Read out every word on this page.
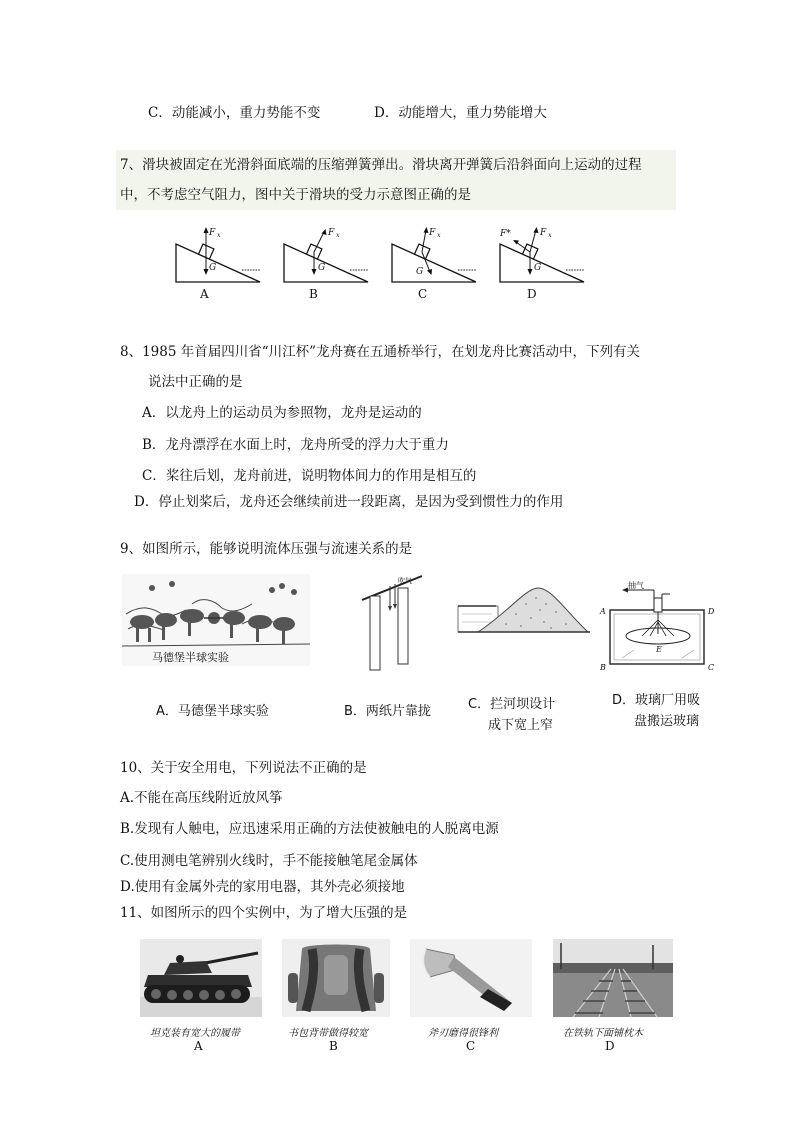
C．动能减小，重力势能不变	D．动能增大，重力势能增大
7、滑块被固定在光滑斜面底端的压缩弹簧弹出。滑块离开弹簧后沿斜面向上运动的过程
中，不考虑空气阻力，图中关于滑块的受力示意图正确的是
F $_x$
G
F $_x$
G
F $_x$
G
F $_x$
F*
G
A	B	C	D
8、1985 年首届四川省“川江杯”龙舟赛在五通桥举行，在划龙舟比赛活动中，下列有关
说法中正确的是
A．以龙舟上的运动员为参照物，龙舟是运动的
B．龙舟漂浮在水面上时，龙舟所受的浮力大于重力
C．桨往后划，龙舟前进，说明物体间力的作用是相互的
D．停止划桨后，龙舟还会继续前进一段距离，是因为受到惯性力的作用
9、如图所示，能够说明流体压强与流速关系的是
马德堡半球实验
A．马德堡半球实验
吹气
B．两纸片靠拢	C．拦河坝设计
成下宽上窄
抽气
A	D
B	C
E
D．玻璃厂用吸
盘搬运玻璃
10、关于安全用电，下列说法不正确的是
A.不能在高压线附近放风筝
B.发现有人触电，应迅速采用正确的方法使被触电的人脱离电源
C.使用测电笔辨别火线时，手不能接触笔尾金属体
D.使用有金属外壳的家用电器，其外壳必须接地
11、如图所示的四个实例中，为了增大压强的是
坦克装有宽大的履带	书包背带做得较宽	斧刃磨得很锋利	在铁轨下面铺枕木
A	B	C	D
